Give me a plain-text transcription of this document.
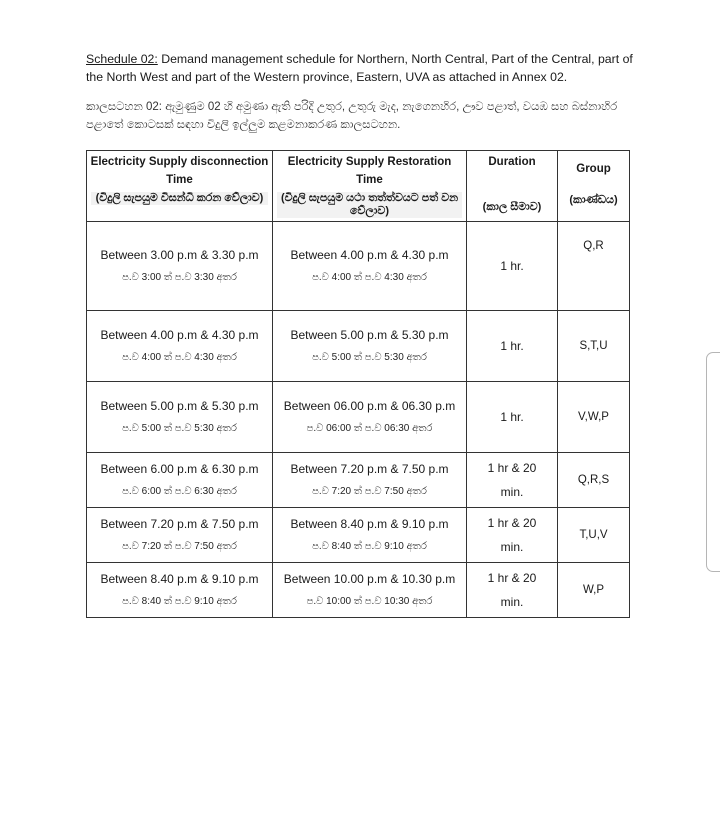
Schedule 02: Demand management schedule for Northern, North Central, Part of the Central, part of the North West and part of the Western province, Eastern, UVA as attached in Annex 02.
කාලසටහන 02: ඇමුණුම 02 හි අමුණා ඇති පරිදි උතුර, උතුරු මැද, නැගෙනහිර, ඌව පළාත්, වයඹ සහ බස්නාහිර පළාතේ කොටසක් සඳහා විදුලි ඉල්ලුම කළමනාකරණ කාලසටහන.
Electricity Supply disconnection Time
(විදුලි සැපයුම විසන්ධි කරන වේලාව)	Electricity Supply Restoration Time
(විදුලි සැපයුම යථා තත්ත්වයට පත් වන වේලාව)	Duration
(කාල සීමාව)	Group
(කාණ්ඩය)

Between 3.00 p.m & 3.30 p.m
ප.ව 3:00 ත් ප.ව 3:30 අතර	Between 4.00 p.m & 4.30 p.m
ප.ව 4:00 ත් ප.ව 4:30 අතර	1 hr.	Q,R

Between 4.00 p.m & 4.30 p.m
ප.ව 4:00 ත් ප.ව 4:30 අතර	Between 5.00 p.m & 5.30 p.m
ප.ව 5:00 ත් ප.ව 5:30 අතර	1 hr.	S,T,U

Between 5.00 p.m & 5.30 p.m
ප.ව 5:00 ත් ප.ව 5:30 අතර	Between 06.00 p.m & 06.30 p.m
ප.ව 06:00 ත් ප.ව 06:30 අතර	1 hr.	V,W,P

Between 6.00 p.m & 6.30 p.m
ප.ව 6:00 ත් ප.ව 6:30 අතර	Between 7.20 p.m & 7.50 p.m
ප.ව 7:20 ත් ප.ව 7:50 අතර	1 hr & 20
min.	Q,R,S

Between 7.20 p.m & 7.50 p.m
ප.ව 7:20 ත් ප.ව 7:50 අතර	Between 8.40 p.m & 9.10 p.m
ප.ව 8:40 ත් ප.ව 9:10 අතර	1 hr & 20
min.	T,U,V

Between 8.40 p.m & 9.10 p.m
ප.ව 8:40 ත් ප.ව 9:10 අතර	Between 10.00 p.m & 10.30 p.m
ප.ව 10:00 ත් ප.ව 10:30 අතර	1 hr & 20
min.	W,P
